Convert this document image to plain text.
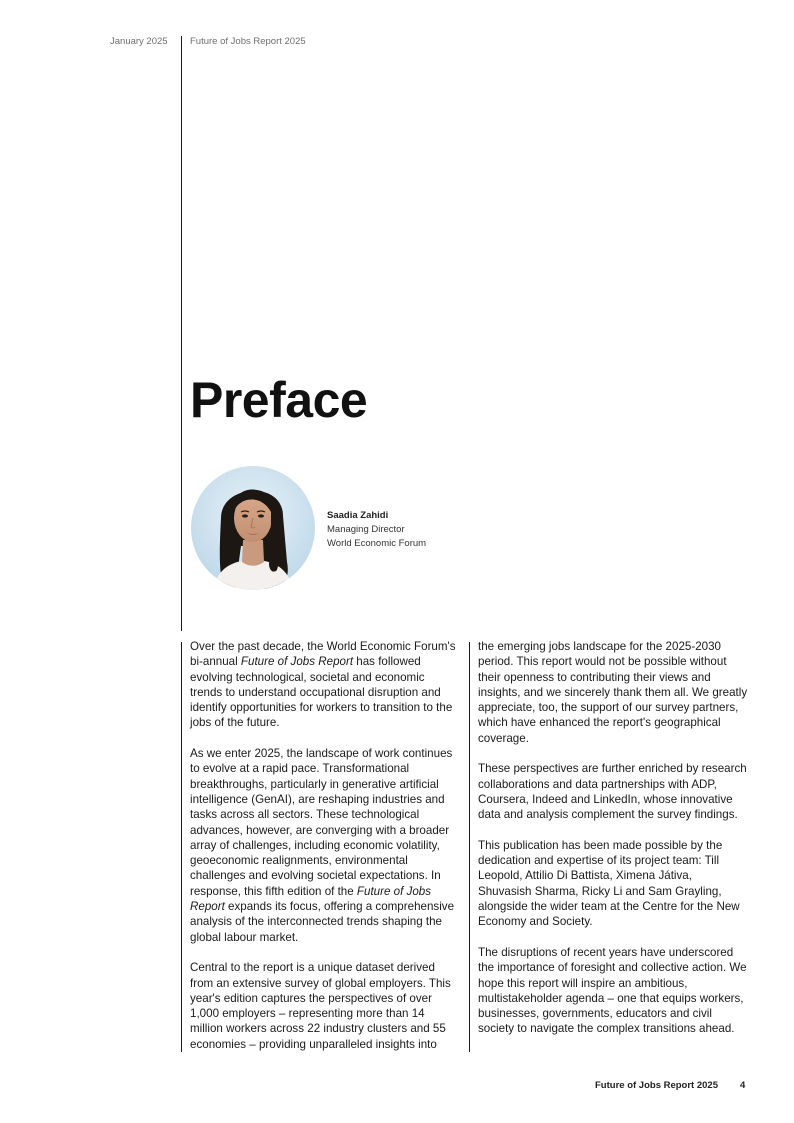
January 2025 Future of Jobs Report 2025
Preface
Saadia Zahidi
Managing Director
World Economic Forum

Over the past decade, the World Economic Forum's bi-annual Future of Jobs Report has followed evolving technological, societal and economic trends to understand occupational disruption and identify opportunities for workers to transition to the jobs of the future.

As we enter 2025, the landscape of work continues to evolve at a rapid pace. Transformational breakthroughs, particularly in generative artificial intelligence (GenAI), are reshaping industries and tasks across all sectors. These technological advances, however, are converging with a broader array of challenges, including economic volatility, geoeconomic realignments, environmental challenges and evolving societal expectations. In response, this fifth edition of the Future of Jobs Report expands its focus, offering a comprehensive analysis of the interconnected trends shaping the global labour market.

Central to the report is a unique dataset derived from an extensive survey of global employers. This year's edition captures the perspectives of over 1,000 employers – representing more than 14 million workers across 22 industry clusters and 55 economies – providing unparalleled insights into

the emerging jobs landscape for the 2025-2030 period. This report would not be possible without their openness to contributing their views and insights, and we sincerely thank them all. We greatly appreciate, too, the support of our survey partners, which have enhanced the report's geographical coverage.

These perspectives are further enriched by research collaborations and data partnerships with ADP, Coursera, Indeed and LinkedIn, whose innovative data and analysis complement the survey findings.

This publication has been made possible by the dedication and expertise of its project team: Till Leopold, Attilio Di Battista, Ximena Játiva, Shuvasish Sharma, Ricky Li and Sam Grayling, alongside the wider team at the Centre for the New Economy and Society.

The disruptions of recent years have underscored the importance of foresight and collective action. We hope this report will inspire an ambitious, multistakeholder agenda – one that equips workers, businesses, governments, educators and civil society to navigate the complex transitions ahead.

Future of Jobs Report 2025 4
